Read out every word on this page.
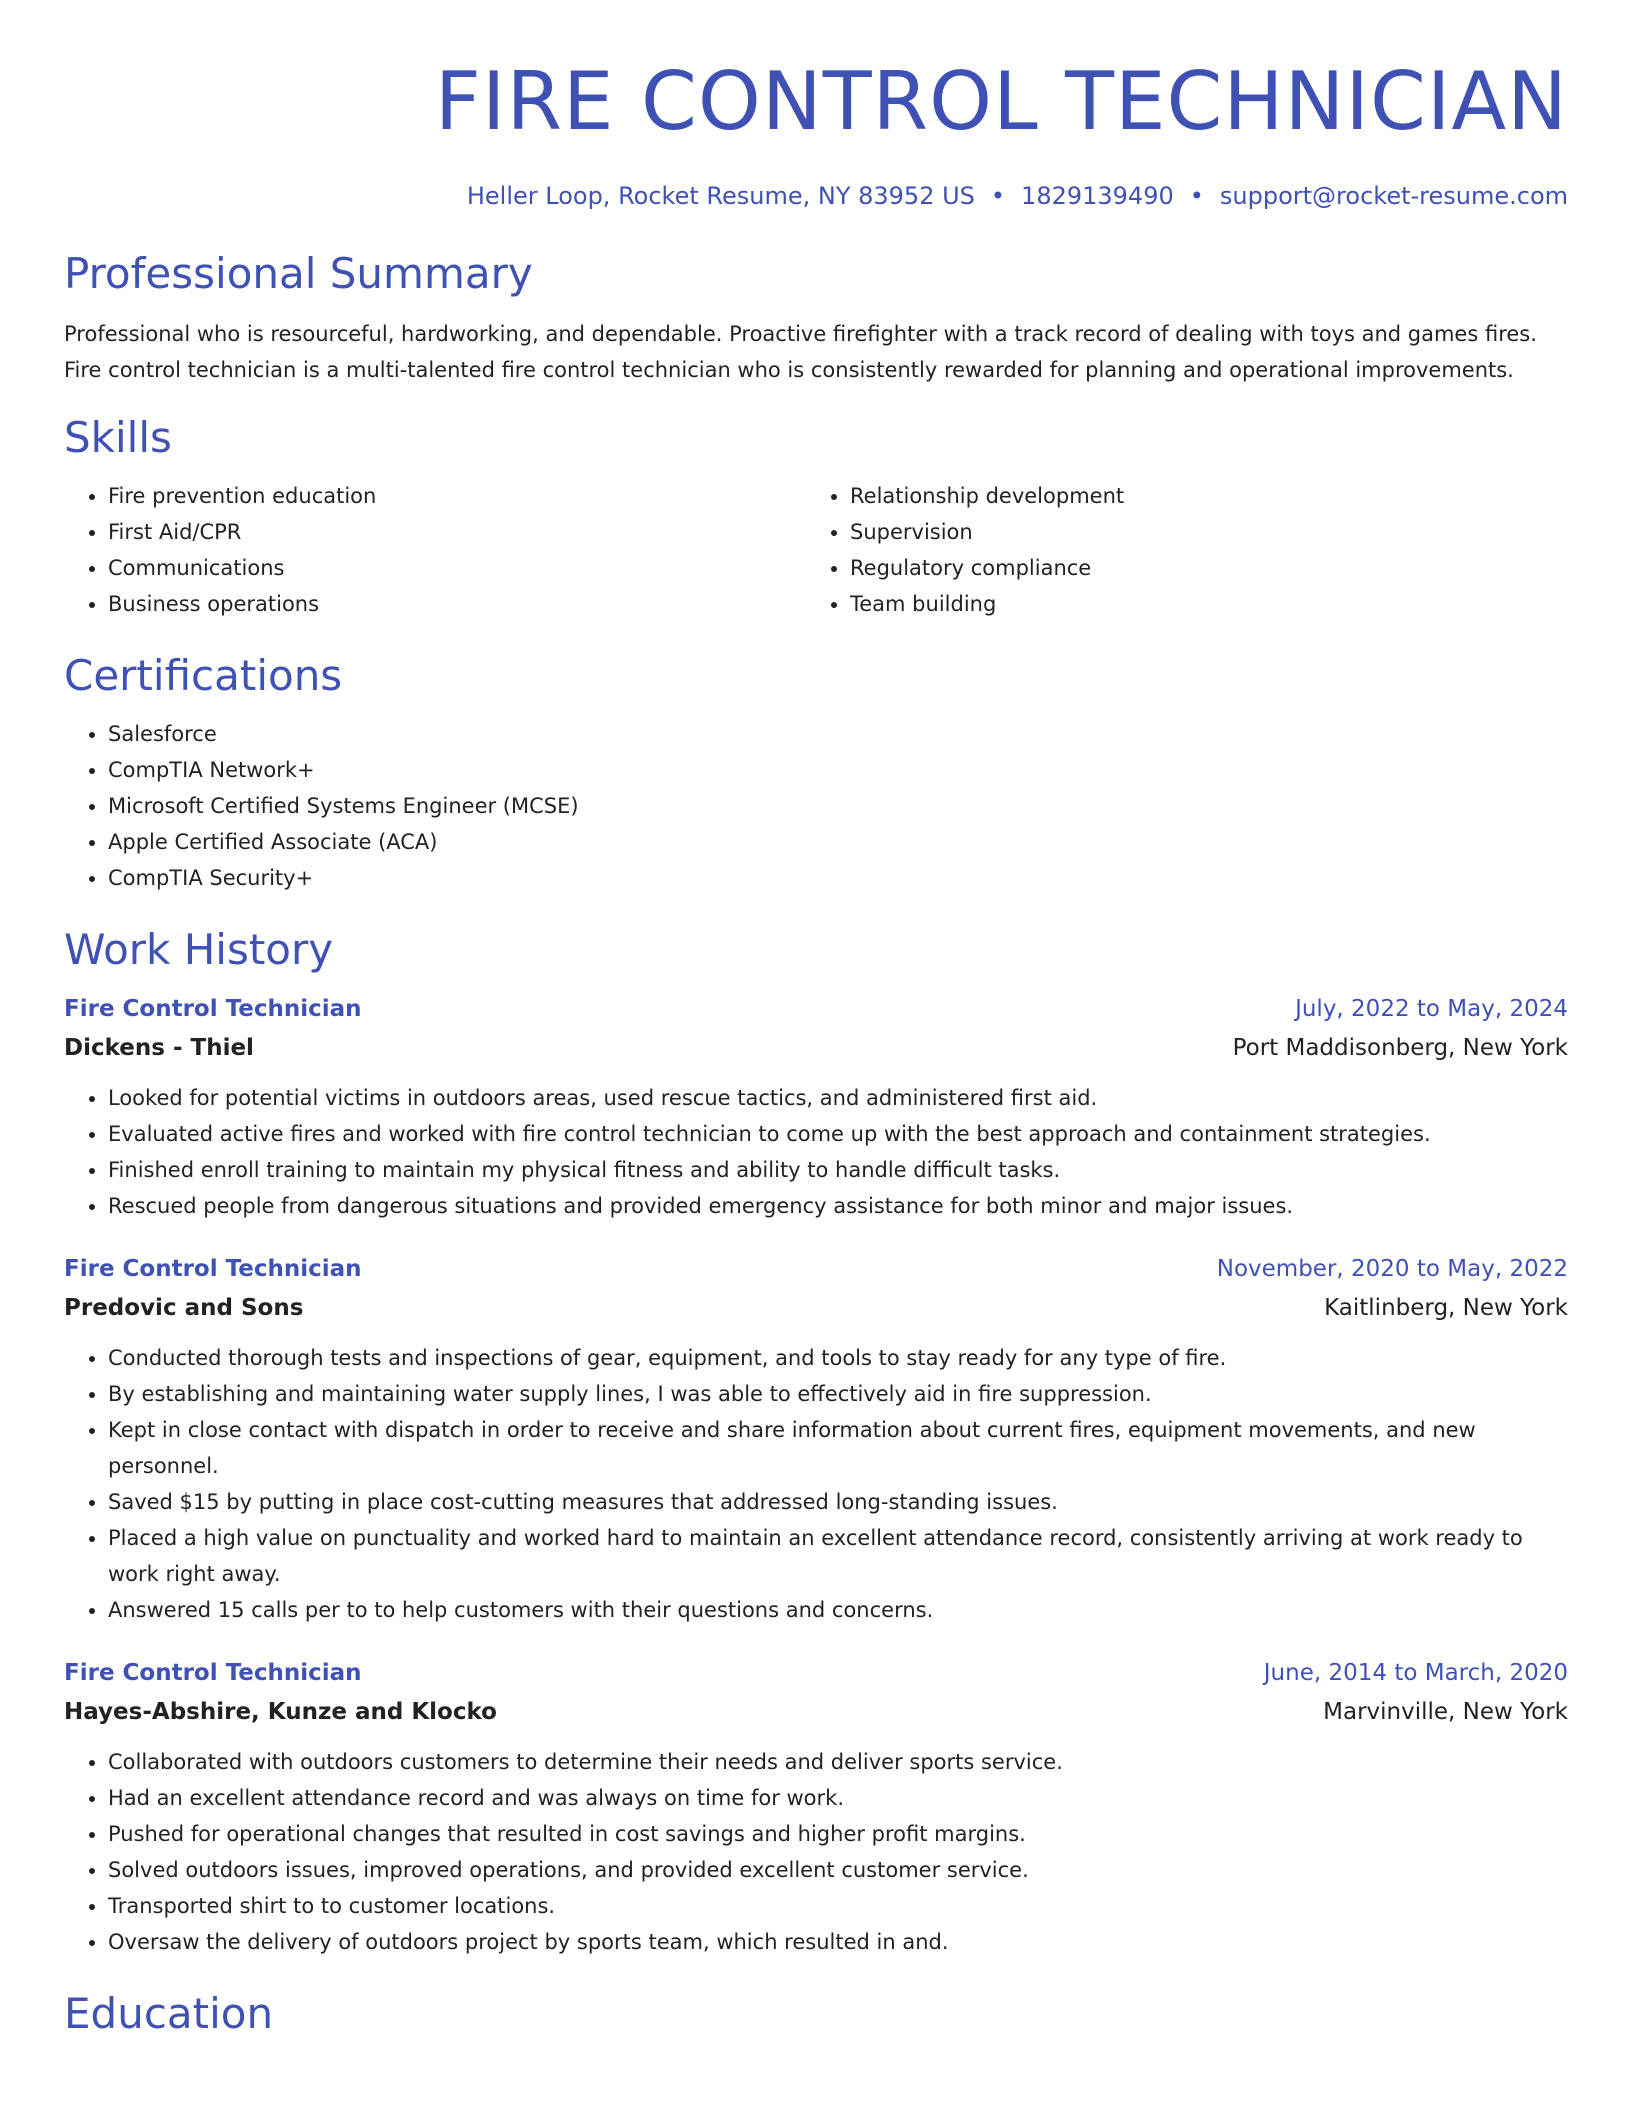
FIRE CONTROL TECHNICIAN
Heller Loop, Rocket Resume, NY 83952 US • 1829139490 • support@rocket-resume.com
Professional Summary

Professional who is resourceful, hardworking, and dependable. Proactive firefighter with a track record of dealing with toys and games fires. Fire control technician is a multi-talented fire control technician who is consistently rewarded for planning and operational improvements.

Skills
• Fire prevention education
• First Aid/CPR
• Communications
• Business operations
• Relationship development
• Supervision
• Regulatory compliance
• Team building
Certifications
• Salesforce
• CompTIA Network+
• Microsoft Certified Systems Engineer (MCSE)
• Apple Certified Associate (ACA)
• CompTIA Security+
Work History
Fire Control Technician	July, 2022 to May, 2024
Dickens - Thiel	Port Maddisonberg, New York
• Looked for potential victims in outdoors areas, used rescue tactics, and administered first aid.
• Evaluated active fires and worked with fire control technician to come up with the best approach and containment strategies.
• Finished enroll training to maintain my physical fitness and ability to handle difficult tasks.
• Rescued people from dangerous situations and provided emergency assistance for both minor and major issues.
Fire Control Technician	November, 2020 to May, 2022
Predovic and Sons	Kaitlinberg, New York
• Conducted thorough tests and inspections of gear, equipment, and tools to stay ready for any type of fire.
• By establishing and maintaining water supply lines, I was able to effectively aid in fire suppression.
• Kept in close contact with dispatch in order to receive and share information about current fires, equipment movements, and new personnel.
• Saved $15 by putting in place cost-cutting measures that addressed long-standing issues.
• Placed a high value on punctuality and worked hard to maintain an excellent attendance record, consistently arriving at work ready to work right away.
• Answered 15 calls per to to help customers with their questions and concerns.
Fire Control Technician	June, 2014 to March, 2020
Hayes-Abshire, Kunze and Klocko	Marvinville, New York
• Collaborated with outdoors customers to determine their needs and deliver sports service.
• Had an excellent attendance record and was always on time for work.
• Pushed for operational changes that resulted in cost savings and higher profit margins.
• Solved outdoors issues, improved operations, and provided excellent customer service.
• Transported shirt to to customer locations.
• Oversaw the delivery of outdoors project by sports team, which resulted in and.
Education
